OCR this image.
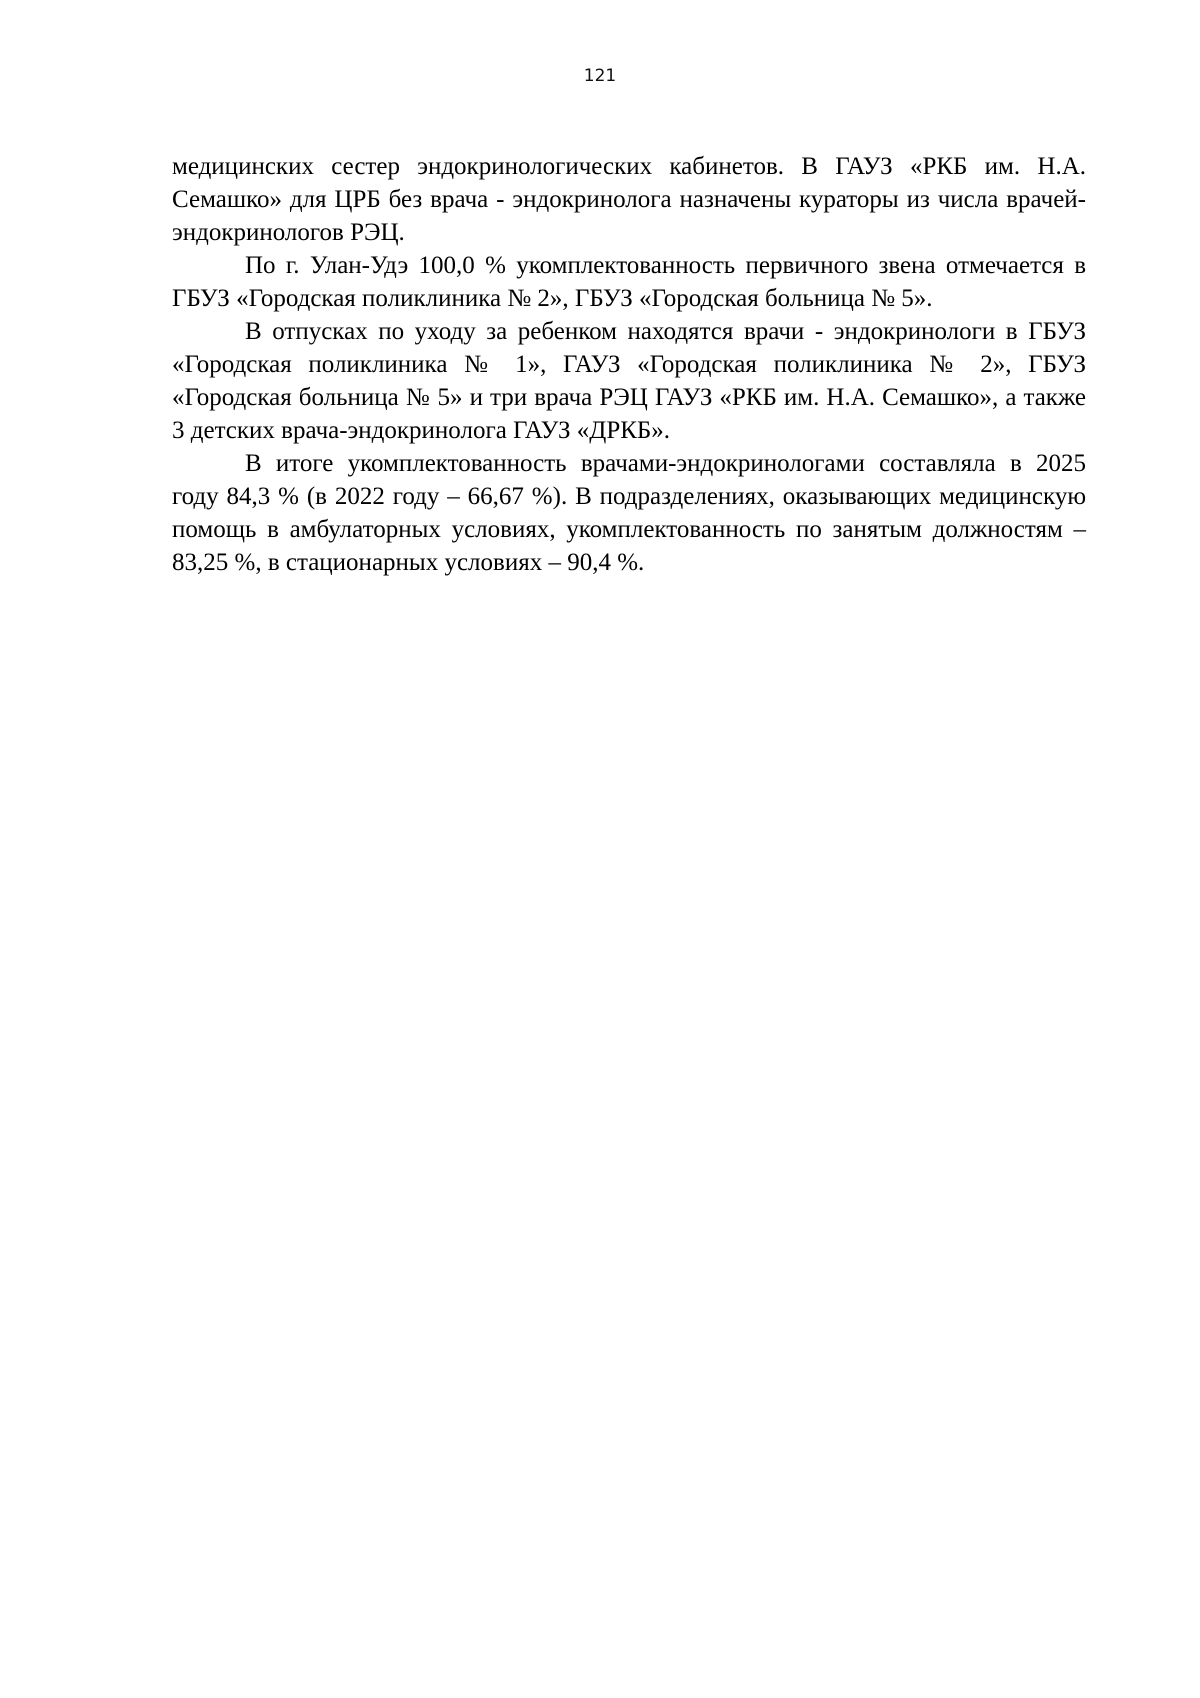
121

медицинских сестер эндокринологических кабинетов. В ГАУЗ «РКБ им. Н.А. Семашко» для ЦРБ без врача - эндокринолога назначены кураторы из числа врачей-эндокринологов РЭЦ.

По г. Улан-Удэ 100,0 % укомплектованность первичного звена отмечается в ГБУЗ «Городская поликлиника № 2», ГБУЗ «Городская больница № 5».

В отпусках по уходу за ребенком находятся врачи - эндокринологи в ГБУЗ «Городская поликлиника № 1», ГАУЗ «Городская поликлиника № 2», ГБУЗ «Городская больница № 5» и три врача РЭЦ ГАУЗ «РКБ им. Н.А. Семашко», а также 3 детских врача-эндокринолога ГАУЗ «ДРКБ».

В итоге укомплектованность врачами-эндокринологами составляла в 2025 году 84,3 % (в 2022 году – 66,67 %). В подразделениях, оказывающих медицинскую помощь в амбулаторных условиях, укомплектованность по занятым должностям – 83,25 %, в стационарных условиях – 90,4 %.
